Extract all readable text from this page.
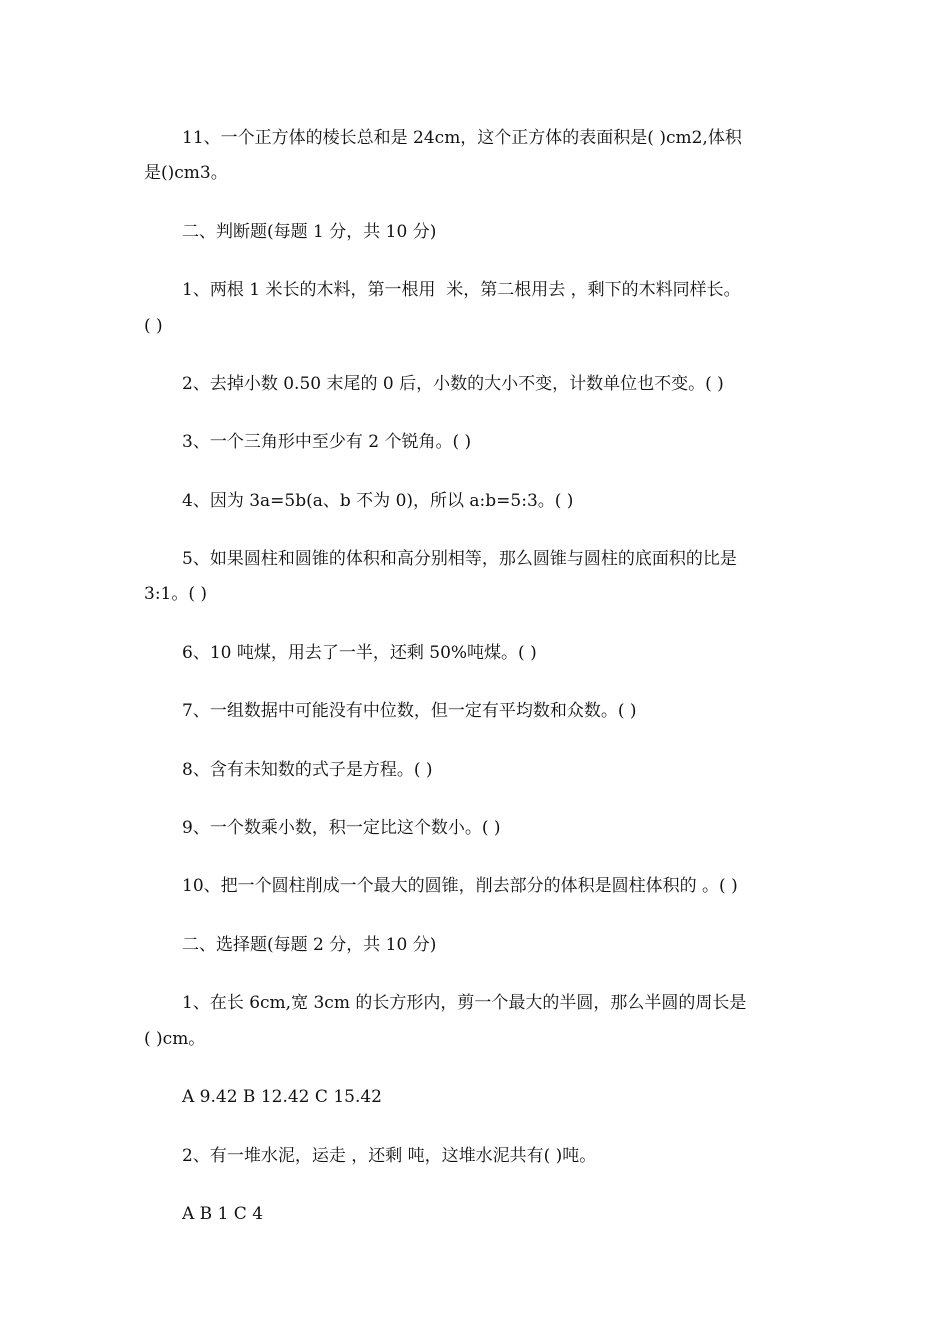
11、一个正方体的棱长总和是 24cm，这个正方体的表面积是( )cm2,体积
是()cm3。
二、判断题(每题 1 分，共 10 分)
1、两根 1 米长的木料，第一根用  米，第二根用去 ，剩下的木料同样长。
( )
2、去掉小数 0.50 末尾的 0 后，小数的大小不变，计数单位也不变。( )
3、一个三角形中至少有 2 个锐角。( )
4、因为 3a=5b(a、b 不为 0)，所以 a:b=5:3。( )
5、如果圆柱和圆锥的体积和高分别相等，那么圆锥与圆柱的底面积的比是
3:1。( )
6、10 吨煤，用去了一半，还剩 50%吨煤。( )
7、一组数据中可能没有中位数，但一定有平均数和众数。( )
8、含有未知数的式子是方程。( )
9、一个数乘小数，积一定比这个数小。( )
10、把一个圆柱削成一个最大的圆锥，削去部分的体积是圆柱体积的 。( )
二、选择题(每题 2 分，共 10 分)
1、在长 6cm,宽 3cm 的长方形内，剪一个最大的半圆，那么半圆的周长是
( )cm。
A 9.42 B 12.42 C 15.42
2、有一堆水泥，运走 ，还剩 吨，这堆水泥共有( )吨。
A B 1 C 4
